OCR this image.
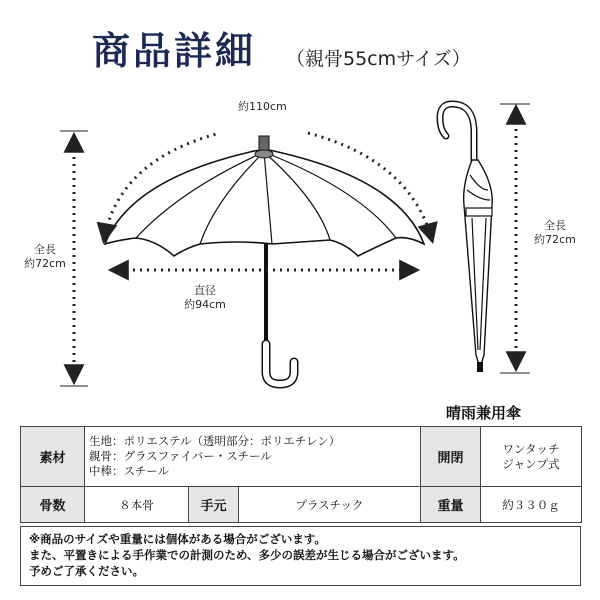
商品詳細 （親骨55cmサイズ）
約110cm
全長
約72cm
直径
約94cm
全長
約72cm
晴雨兼用傘
素材	生地：ポリエステル（透明部分：ポリエチレン）
親骨：グラスファイバー・スチール
中棒：スチール			開閉	ワンタッチ
ジャンプ式

骨数	８本骨	手元	プラスチック	重量	約３３０ｇ
※商品のサイズや重量には個体がある場合がございます。
また、平置きによる手作業での計測のため、多少の誤差が生じる場合がございます。
予めご了承ください。
